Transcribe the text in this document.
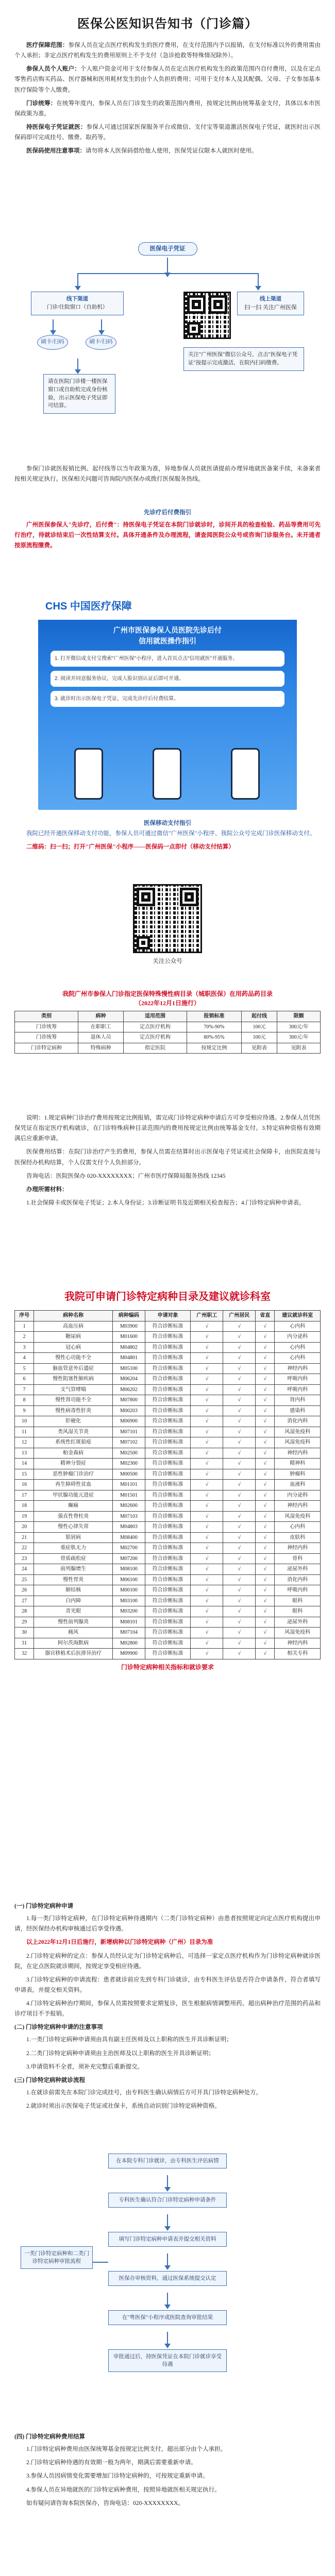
医保公医知识告知书（门诊篇）

医疗保障范围：参保人员在定点医疗机构发生的医疗费用，在支付范围内予以报销，在支付标准以外的费用需由个人承担；非定点医疗机构发生的费用原则上不予支付（急诊抢救等特殊情况除外）。

参保人员个人账户：个人账户资金可用于支付参保人员在定点医疗机构发生的政策范围内自付费用，以及在定点零售药店购买药品、医疗器械和医用耗材发生的由个人负担的费用；可用于支付本人及其配偶、父母、子女参加基本医疗保险等个人缴费。

门诊统筹：在统筹年度内，参保人员在门诊发生的政策范围内费用，按规定比例由统筹基金支付，具体以本市医保政策为准。

持医保电子凭证就医：参保人可通过国家医保服务平台或微信、支付宝等渠道激活医保电子凭证，就医时出示医保码即可完成挂号、缴费、取药等。

医保码使用注意事项：请勿将本人医保码借给他人使用，医保凭证仅限本人就医时使用。

医保电子凭证
线下渠道
门诊/住院窗口（自助机）
刷卡/扫码	刷卡/扫码
请在医院门诊楼一楼医保窗口或自助机完成身份核验，出示医保电子凭证即可结算。
线上渠道
扫一扫 关注广州医保
关注"广州医保"微信公众号，点击"医保电子凭证"按提示完成激活，在院内扫码缴费。

参保门诊就医报销比例、起付线等以当年政策为准，异地参保人员就医请提前办理异地就医备案手续，未备案者按相关规定执行。医保相关问题可咨询院内医保办或拨打医保服务热线。

先诊疗后付费指引

广州医保参保人"先诊疗，后付费"：持医保电子凭证在本院门诊就诊时，诊间开具的检查检验、药品等费用可先行治疗，待就诊结束后一次性结算支付。具体开通条件及办理流程，请查阅医院公众号或咨询门诊服务台。未开通者按原流程缴费。

CHS 中国医疗保障
广州市医保参保人员医院先诊后付
信用就医操作指引
1. 打开微信或支付宝搜索"广州医保"小程序，进入首页点击"信用就医"开通服务。
2. 阅读并同意服务协议，完成人脸识别认证后即可开通。
3. 就诊时出示医保电子凭证，完成先诊疗后付费结算。
医保移动支付指引

我院已经开通医保移动支付功能，参保人员可通过微信"广州医保"小程序、我院公众号完成门诊医保移动支付。

二维码：扫一扫；打开"广州医保"小程序——医保码一点即付（移动支付结算）

关注公众号
我院广州市参保人门诊指定医保特殊慢性病目录（城职医保）在用药品药目录
（2022年12月1日施行）
类别	病种	适用范围	报销标准	起付线	限额
门诊统筹	在职职工	定点医疗机构	70%-90%	100元	300元/年
门诊统筹	退休人员	定点医疗机构	80%-95%	100元	300元/年
门诊特定病种	特殊病种	指定医院	按规定比例	见附表	见附表

说明：1.规定病种门诊治疗费用按规定比例报销，需完成门诊特定病种申请后方可享受相应待遇。2.参保人员凭医保凭证在指定医疗机构就诊，在门诊特殊病种目录范围内的费用按规定比例由统筹基金支付。3.特定病种资格有效期满后应重新申请。

医保费用结算：在院门诊治疗产生的费用，参保人员需在结算时出示医保电子凭证或社会保障卡，由医院直接与医保经办机构结算，个人仅需支付个人负担部分。

咨询电话：医院医保办 020-XXXXXXXX；广州市医疗保障局服务热线 12345

办理所需材料：

1.社会保障卡或医保电子凭证；2.本人身份证；3.诊断证明书及近期相关检查报告；4.门诊特定病种申请表。

我院可申请门诊特定病种目录及建议就诊科室
序号	病种名称	病种编码	申请对象	广州职工	广州居民	省直	建议就诊科室
1	高血压病	M03900	符合诊断标准	√	√	√	心内科
2	糖尿病	M01600	符合诊断标准	√	√	√	内分泌科
3	冠心病	M04802	符合诊断标准	√	√	√	心内科
4	慢性心功能不全	M04801	符合诊断标准	√	√	√	心内科
5	脑血管意外后遗症	M05100	符合诊断标准	√	√	√	神经内科
6	慢性阻塞性肺疾病	M06204	符合诊断标准	√	√	√	呼吸内科
7	支气管哮喘	M06202	符合诊断标准	√	√	√	呼吸内科
8	慢性肾功能不全	M07800	符合诊断标准	√	√	√	肾内科
9	慢性病毒性肝炎	M00203	符合诊断标准	√	√	√	感染科
10	肝硬化	M06900	符合诊断标准	√	√	√	消化内科
11	类风湿关节炎	M07101	符合诊断标准	√	√	√	风湿免疫科
12	系统性红斑狼疮	M07102	符合诊断标准	√	√	√	风湿免疫科
13	帕金森病	M02500	符合诊断标准	√	√	√	神经内科
14	精神分裂症	M02300	符合诊断标准	√	√	√	精神科
15	恶性肿瘤门诊治疗	M00500	符合诊断标准	√	√	√	肿瘤科
16	再生障碍性贫血	M01101	符合诊断标准	√	√	√	血液科
17	甲状腺功能亢进症	M01501	符合诊断标准	√	√	√	内分泌科
18	癫痫	M02600	符合诊断标准	√	√	√	神经内科
19	强直性脊柱炎	M07103	符合诊断标准	√	√	√	风湿免疫科
20	慢性心律失常	M04803	符合诊断标准	√	√	√	心内科
21	银屑病	M08400	符合诊断标准	√	√	√	皮肤科
22	重症肌无力	M02700	符合诊断标准	√	√	√	神经内科
23	骨质疏松症	M07200	符合诊断标准	√	√	√	骨科
24	前列腺增生	M08100	符合诊断标准	√	√	√	泌尿外科
25	慢性胃炎	M06100	符合诊断标准	√	√	√	消化内科
26	肺结核	M00100	符合诊断标准	√	√	√	呼吸内科
27	白内障	M03100	符合诊断标准	√	√	√	眼科
28	青光眼	M03200	符合诊断标准	√	√	√	眼科
29	慢性前列腺炎	M08101	符合诊断标准	√	√	√	泌尿外科
30	痛风	M07104	符合诊断标准	√	√	√	风湿免疫科
31	阿尔茨海默病	M02800	符合诊断标准	√	√	√	神经内科
32	器官移植术后抗排异治疗	M09900	符合诊断标准	√	√	√	相关专科
门诊特定病种相关指标和就诊要求

(一) 门诊特定病种申请

1.每一类门诊特定病种，在门诊特定病种待遇期内（二类门诊特定病种）由患者按照规定向定点医疗机构提出申请，经医保经办机构审核通过后享受待遇。

以上2022年12月1日后施行，新增病种以门诊特定病种（广州）目录为准

2.门诊特定病种的定点：参保人员经认定为门诊特定病种后，可选择一家定点医疗机构作为门诊特定病种就诊医院，在定点医院就诊期间，按规定享受相应待遇。

3.门诊特定病种的申请流程：患者就诊前应先到专科门诊就诊，由专科医生评估是否符合申请条件，符合者填写申请表，并提交相关资料。

4.门诊特定病种治疗期间，参保人员需按照要求定期复诊，医生根据病情调整用药。超出病种治疗范围的药品和诊疗项目不予报销。

(二) 门诊特定病种申请的注意事项

1.一类门诊特定病种申请须由具有副主任医师及以上职称的医生开具诊断证明；

2.二类门诊特定病种申请须由主治医师及以上职称的医生开具诊断证明；

3.申请资料不全者，须补充完整后重新提交。

(三) 门诊特定病种就诊流程

1.在就诊前需先在本院门诊完成挂号，由专科医生确认病情后方可开具门诊特定病种处方。

2.就诊时须出示医保电子凭证或社保卡，系统自动识别门诊特定病种资格。

在本院专科门诊就诊，由专科医生评估病情
专科医生确认符合门诊特定病种申请条件
填写门诊特定病种申请表并提交相关资料
医保办审核资料，通过医保系统提交认定
在"粤医保"小程序或医院查询审批结果
审批通过后，持医保凭证在本院门诊就诊享受待遇
一类门诊特定病种和二类门诊特定病种审批流程

(四) 门诊特定病种费用结算

1.门诊特定病种费用由医保统筹基金按规定比例支付，超出部分由个人承担。

2.门诊特定病种待遇的有效期一般为两年，期满后需要重新申请。

3.参保人员因病情变化需要增加门诊特定病种的，可按规定重新申请。

4.参保人员在异地就医的门诊特定病种费用，按照异地就医相关规定执行。

如有疑问请咨询本院医保办，咨询电话：020-XXXXXXXX。
